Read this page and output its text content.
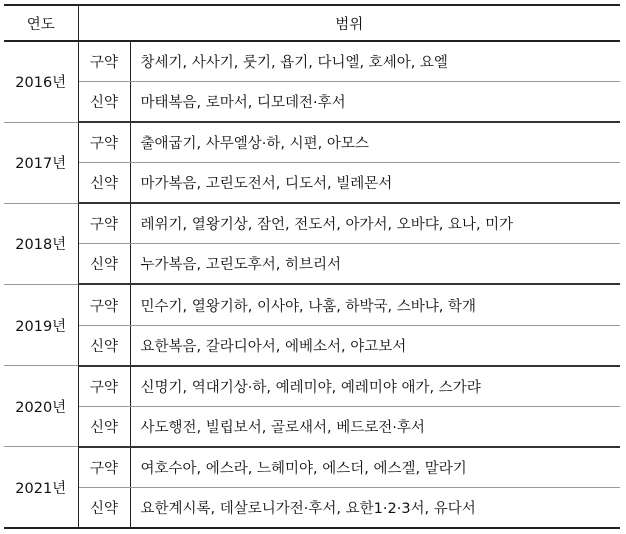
연도	범위	
2016년	구약	창세기, 사사기, 룻기, 욥기, 다니엘, 호세아, 요엘
	신약	마태복음, 로마서, 디모데전·후서
2017년	구약	출애굽기, 사무엘상·하, 시편, 아모스
	신약	마가복음, 고린도전서, 디도서, 빌레몬서
2018년	구약	레위기, 열왕기상, 잠언, 전도서, 아가서, 오바댜, 요나, 미가
	신약	누가복음, 고린도후서, 히브리서
2019년	구약	민수기, 열왕기하, 이사야, 나훔, 하박국, 스바냐, 학개
	신약	요한복음, 갈라디아서, 에베소서, 야고보서
2020년	구약	신명기, 역대기상·하, 예레미야, 예레미야 애가, 스가랴
	신약	사도행전, 빌립보서, 골로새서, 베드로전·후서
2021년	구약	여호수아, 에스라, 느헤미야, 에스더, 에스겔, 말라기
	신약	요한계시록, 데살로니가전·후서, 요한1·2·3서, 유다서
